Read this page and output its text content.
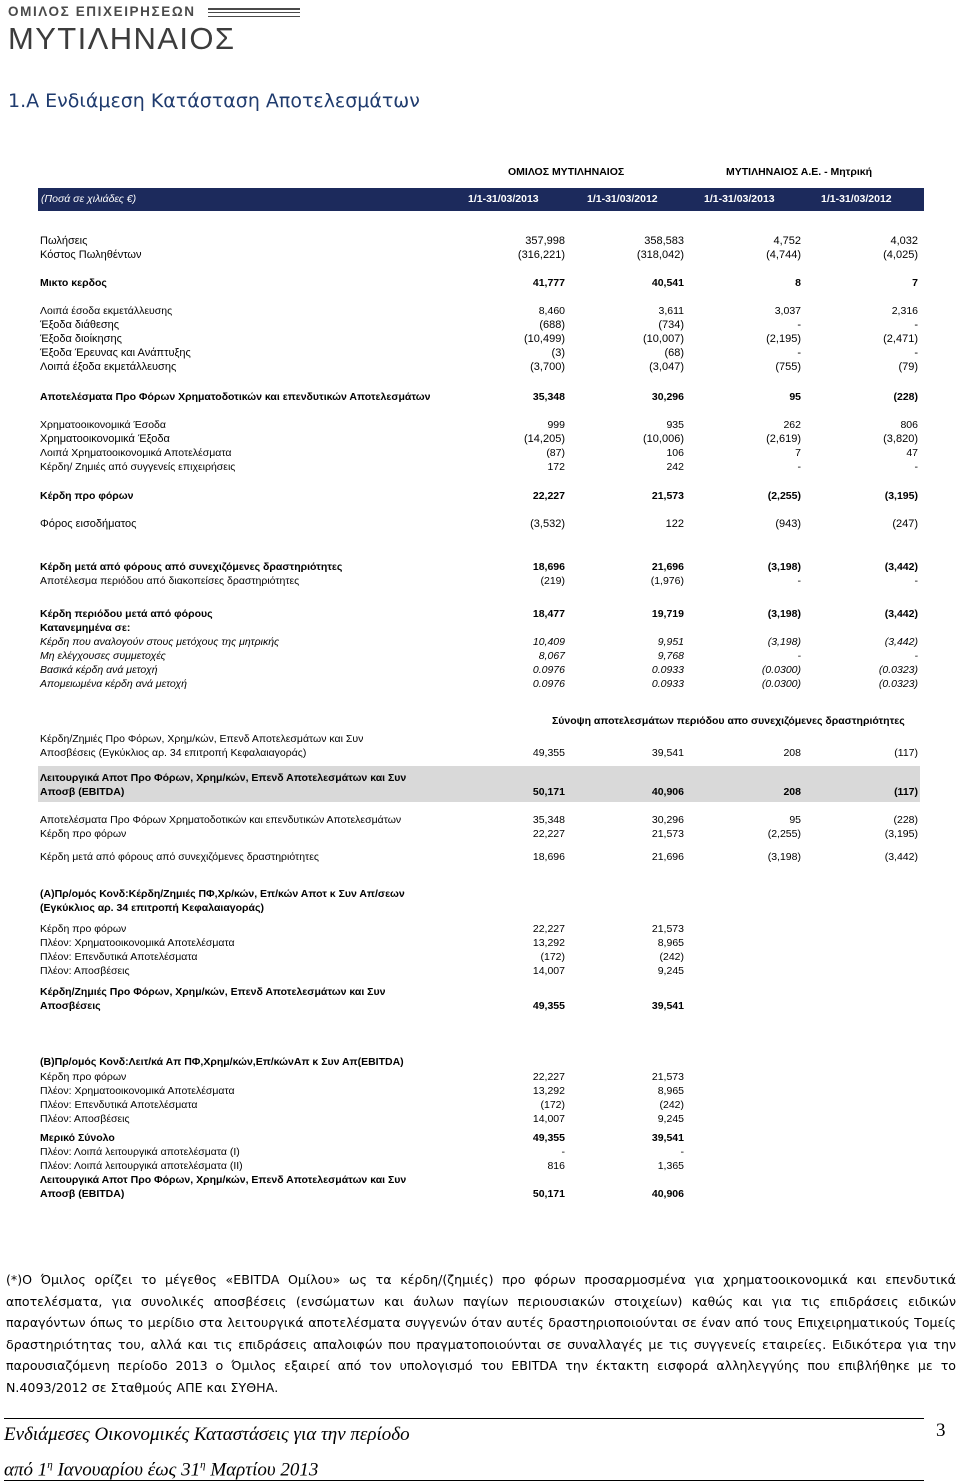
ΟΜΙΛΟΣ ΕΠΙΧΕΙΡΗΣΕΩΝ
ΜΥΤΙΛΗΝΑΙΟΣ
1.Α Ενδιάμεση Κατάσταση Αποτελεσμάτων
ΟΜΙΛΟΣ ΜΥΤΙΛΗΝΑΙΟΣ	ΜΥΤΙΛΗΝΑΙΟΣ Α.Ε. - Μητρική
(Ποσά σε χιλιάδες €)	1/1-31/03/2013	1/1-31/03/2012	1/1-31/03/2013	1/1-31/03/2012
Σύνοψη αποτελεσμάτων περιόδου απο συνεχιζόμενες δραστηριότητες
Πωλήσεις	357,998	358,583	4,752	4,032
Κόστος Πωληθέντων	(316,221)	(318,042)	(4,744)	(4,025)
Μικτο κερδος	41,777	40,541	8	7
Λοιπά έσοδα εκμετάλλευσης	8,460	3,611	3,037	2,316
Έξοδα διάθεσης	(688)	(734)	-	-
Έξοδα διοίκησης	(10,499)	(10,007)	(2,195)	(2,471)
Έξοδα Έρευνας και Ανάπτυξης	(3)	(68)	-	-
Λοιπά έξοδα εκμετάλλευσης	(3,700)	(3,047)	(755)	(79)
Αποτελέσματα Προ Φόρων Χρηματοδοτικών και επενδυτικών Αποτελεσμάτων	35,348	30,296	95	(228)
Χρηματοοικονομικά Έσοδα	999	935	262	806
Χρηματοοικονομικά Έξοδα	(14,205)	(10,006)	(2,619)	(3,820)
Λοιπά Χρηματοοικονομικά Αποτελέσματα	(87)	106	7	47
Κέρδη/ Ζημιές από συγγενείς επιχειρήσεις	172	242	-	-
Κέρδη προ φόρων	22,227	21,573	(2,255)	(3,195)
Φόρος εισοδήματος	(3,532)	122	(943)	(247)
Κέρδη μετά από φόρους από συνεχιζόμενες δραστηριότητες	18,696	21,696	(3,198)	(3,442)
Αποτέλεσμα περιόδου από διακοπείσες δραστηριότητες	(219)	(1,976)	-	-
Κέρδη περιόδου μετά από φόρους	18,477	19,719	(3,198)	(3,442)
Κατανεμημένα σε:
Κέρδη που αναλογούν στους μετόχους της μητρικής	10,409	9,951	(3,198)	(3,442)
Μη ελέγχουσες συμμετοχές	8,067	9,768	-	-
Βασικά κέρδη ανά μετοχή	0.0976	0.0933	(0.0300)	(0.0323)
Απομειωμένα κέρδη ανά μετοχή	0.0976	0.0933	(0.0300)	(0.0323)
Κέρδη/Ζημιές Προ Φόρων, Χρημ/κών, Επενδ Αποτελεσμάτων και Συν
Αποσβέσεις (Εγκύκλιος αρ. 34 επιτροπή Κεφαλαιαγοράς)	49,355	39,541	208	(117)
Λειτουργικά Αποτ Προ Φόρων, Χρημ/κών, Επενδ Αποτελεσμάτων και Συν
Αποσβ (EBITDA)	50,171	40,906	208	(117)
Αποτελέσματα Προ Φόρων Χρηματοδοτικών και επενδυτικών Αποτελεσμάτων	35,348	30,296	95	(228)
Κέρδη προ φόρων	22,227	21,573	(2,255)	(3,195)
Κέρδη μετά από φόρους από συνεχιζόμενες δραστηριότητες	18,696	21,696	(3,198)	(3,442)
(Α)Πρ/ομός Κονδ:Κέρδη/Ζημιές ΠΦ,Χρ/κών, Επ/κών Αποτ κ Συν Απ/σεων
(Εγκύκλιος αρ. 34 επιτροπή Κεφαλαιαγοράς)
Κέρδη προ φόρων	22,227	21,573
Πλέον: Χρηματοοικονομικά Αποτελέσματα	13,292	8,965
Πλέον: Επενδυτικά Αποτελέσματα	(172)	(242)
Πλέον: Αποσβέσεις	14,007	9,245
Κέρδη/Ζημιές Προ Φόρων, Χρημ/κών, Επενδ Αποτελεσμάτων και Συν
Αποσβέσεις	49,355	39,541
(Β)Πρ/ομός Κονδ:Λειτ/κά Απ ΠΦ,Χρημ/κών,Επ/κώνΑπ κ Συν Απ(EBITDA)
Κέρδη προ φόρων	22,227	21,573
Πλέον: Χρηματοοικονομικά Αποτελέσματα	13,292	8,965
Πλέον: Επενδυτικά Αποτελέσματα	(172)	(242)
Πλέον: Αποσβέσεις	14,007	9,245
Μερικό Σύνολο	49,355	39,541
Πλέον: Λοιπά λειτουργικά αποτελέσματα (Ι)	-	-
Πλέον: Λοιπά λειτουργικά αποτελέσματα (ΙΙ)	816	1,365
Λειτουργικά Αποτ Προ Φόρων, Χρημ/κών, Επενδ Αποτελεσμάτων και Συν
Αποσβ (EBITDA)	50,171	40,906
(*)Ο Όμιλος ορίζει το μέγεθος «EBITDA Ομίλου» ως τα κέρδη/(ζημιές) προ φόρων προσαρμοσμένα για χρηματοοικονομικά και επενδυτικά αποτελέσματα, για συνολικές αποσβέσεις (ενσώματων και άυλων παγίων περιουσιακών στοιχείων) καθώς και για τις επιδράσεις ειδικών παραγόντων όπως το μερίδιο στα λειτουργικά αποτελέσματα συγγενών όταν αυτές δραστηριοποιούνται σε έναν από τους Επιχειρηματικούς Τομείς δραστηριότητας του, αλλά και τις επιδράσεις απαλοιφών που πραγματοποιούνται σε συναλλαγές με τις συγγενείς εταιρείες. Ειδικότερα για την παρουσιαζόμενη περίοδο 2013 ο Όμιλος εξαιρεί από τον υπολογισμό του EBITDA την έκτακτη εισφορά αλληλεγγύης που επιβλήθηκε με το Ν.4093/2012 σε Σταθμούς ΑΠΕ και ΣΥΘΗΑ.
Ενδιάμεσες Οικονομικές Καταστάσεις για την περίοδο
από $1^\eta$ Ιανουαρίου έως $31^\eta$ Μαρτίου 2013
3
